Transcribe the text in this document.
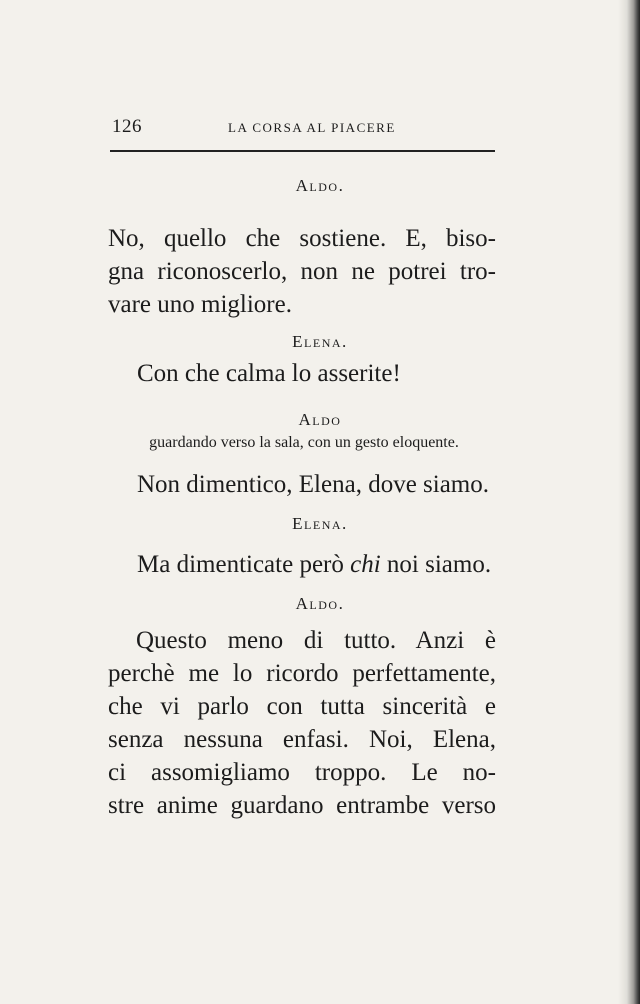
126	LA CORSA AL PIACERE
Aldo.

No, quello che sostiene. E, biso-
gna riconoscerlo, non ne potrei tro-
vare uno migliore.

Elena.

Con che calma lo asserite!

Aldo
guardando verso la sala, con un gesto eloquente.

Non dimentico, Elena, dove siamo.

Elena.

Ma dimenticate però chi noi siamo.

Aldo.

Questo meno di tutto. Anzi è
perchè me lo ricordo perfettamente,
che vi parlo con tutta sincerità e
senza nessuna enfasi. Noi, Elena,
ci assomigliamo troppo. Le no-
stre anime guardano entrambe verso
